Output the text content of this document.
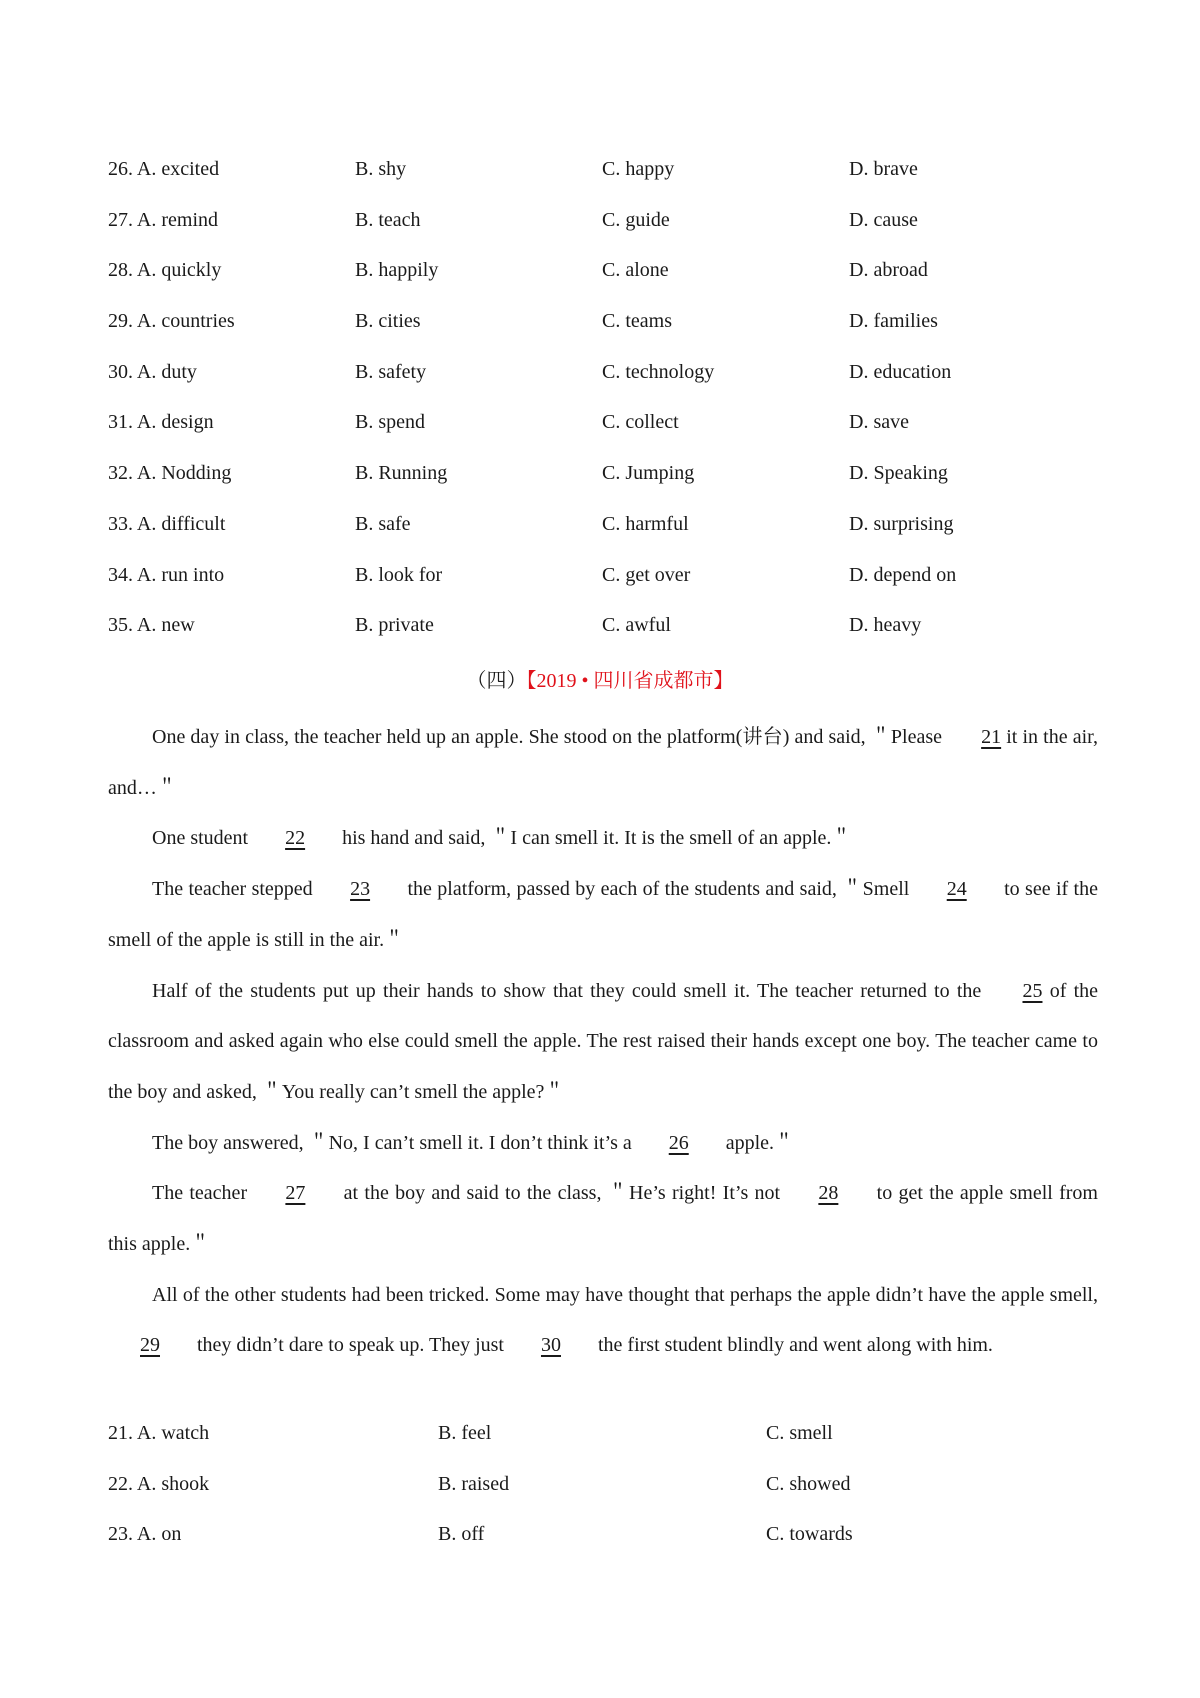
26. A. excited	B. shy	C. happy	D. brave
27. A. remind	B. teach	C. guide	D. cause
28. A. quickly	B. happily	C. alone	D. abroad
29. A. countries	B. cities	C. teams	D. families
30. A. duty	B. safety	C. technology	D. education
31. A. design	B. spend	C. collect	D. save
32. A. Nodding	B. Running	C. Jumping	D. Speaking
33. A. difficult	B. safe	C. harmful	D. surprising
34. A. run into	B. look for	C. get over	D. depend on
35. A. new	B. private	C. awful	D. heavy
（四）【2019 • 四川省成都市】

One day in class, the teacher held up an apple. She stood on the platform(讲台) and said, ＂Please 21 it in the air, and…＂

One student 22 his hand and said, ＂I can smell it. It is the smell of an apple.＂

The teacher stepped 23 the platform, passed by each of the students and said, ＂Smell 24 to see if the smell of the apple is still in the air.＂

Half of the students put up their hands to show that they could smell it. The teacher returned to the 25 of the classroom and asked again who else could smell the apple. The rest raised their hands except one boy. The teacher came to the boy and asked, ＂You really can’t smell the apple?＂

The boy answered, ＂No, I can’t smell it. I don’t think it’s a 26 apple.＂

The teacher 27 at the boy and said to the class, ＂He’s right! It’s not 28 to get the apple smell from this apple.＂

All of the other students had been tricked. Some may have thought that perhaps the apple didn’t have the apple smell, 29 they didn’t dare to speak up. They just 30 the first student blindly and went along with him.

21. A. watch	B. feel	C. smell
22. A. shook	B. raised	C. showed
23. A. on	B. off	C. towards
